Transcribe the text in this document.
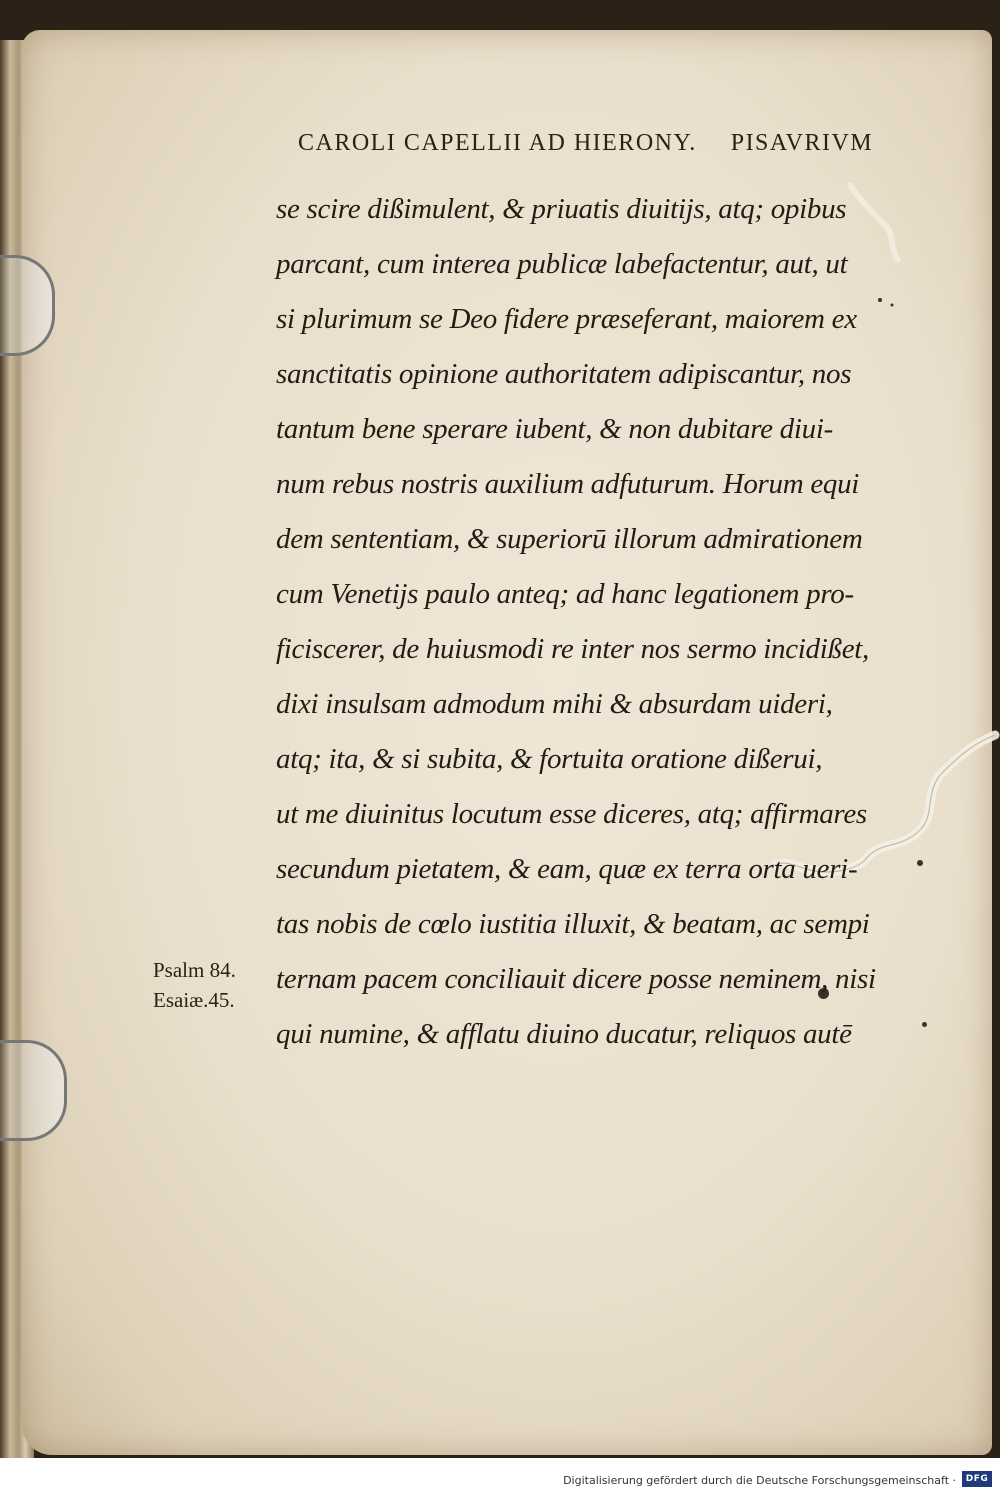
CAROLI CAPELLII AD HIERONY. PISAVRIVM
se scire dißimulent, & priuatis diuitijs, atq; opibus
parcant, cum interea publicæ labefactentur, aut, ut
si plurimum se Deo fidere præseferant, maiorem ex
sanctitatis opinione authoritatem adipiscantur, nos
tantum bene sperare iubent, & non dubitare diui-
num rebus nostris auxilium adfuturum. Horum equi
dem sententiam, & superiorū illorum admirationem
cum Venetijs paulo anteq; ad hanc legationem pro-
ficiscerer, de huiusmodi re inter nos sermo incidißet,
dixi insulsam admodum mihi & absurdam uideri,
atq; ita, & si subita, & fortuita oratione dißerui,
ut me diuinitus locutum esse diceres, atq; affirmares
secundum pietatem, & eam, quæ ex terra orta ueri-
tas nobis de cœlo iustitia illuxit, & beatam, ac sempi
ternam pacem conciliauit dicere posse neminem, nisi
qui numine, & afflatu diuino ducatur, reliquos autē
Psalm 84.
Esaiæ.45.
Digitalisierung gefördert durch die Deutsche Forschungsgemeinschaft ·	DFG
